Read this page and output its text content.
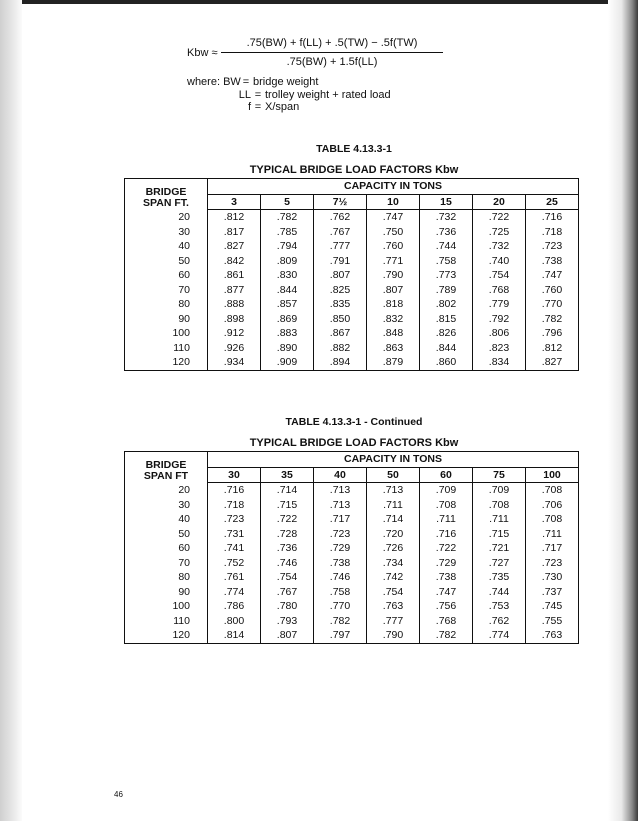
Kbw ≈ $\frac{.75(BW) + f(LL) + .5(TW) - .5f(TW)}{.75(BW) + 1.5f(LL)}$
where: BW = bridge weight
LL = trolley weight + rated load
f = X/span
TABLE 4.13.3-1
TYPICAL BRIDGE LOAD FACTORS Kbw
BRIDGE
SPAN FT.	CAPACITY IN TONS						
	3	5	7½	10	15	20	25
20	.812	.782	.762	.747	.732	.722	.716
30	.817	.785	.767	.750	.736	.725	.718
40	.827	.794	.777	.760	.744	.732	.723
50	.842	.809	.791	.771	.758	.740	.738
60	.861	.830	.807	.790	.773	.754	.747
70	.877	.844	.825	.807	.789	.768	.760
80	.888	.857	.835	.818	.802	.779	.770
90	.898	.869	.850	.832	.815	.792	.782
100	.912	.883	.867	.848	.826	.806	.796
110	.926	.890	.882	.863	.844	.823	.812
120	.934	.909	.894	.879	.860	.834	.827
TABLE 4.13.3-1 - Continued
TYPICAL BRIDGE LOAD FACTORS Kbw
BRIDGE
SPAN FT	CAPACITY IN TONS						
	30	35	40	50	60	75	100
20	.716	.714	.713	.713	.709	.709	.708
30	.718	.715	.713	.711	.708	.708	.706
40	.723	.722	.717	.714	.711	.711	.708
50	.731	.728	.723	.720	.716	.715	.711
60	.741	.736	.729	.726	.722	.721	.717
70	.752	.746	.738	.734	.729	.727	.723
80	.761	.754	.746	.742	.738	.735	.730
90	.774	.767	.758	.754	.747	.744	.737
100	.786	.780	.770	.763	.756	.753	.745
110	.800	.793	.782	.777	.768	.762	.755
120	.814	.807	.797	.790	.782	.774	.763
46
